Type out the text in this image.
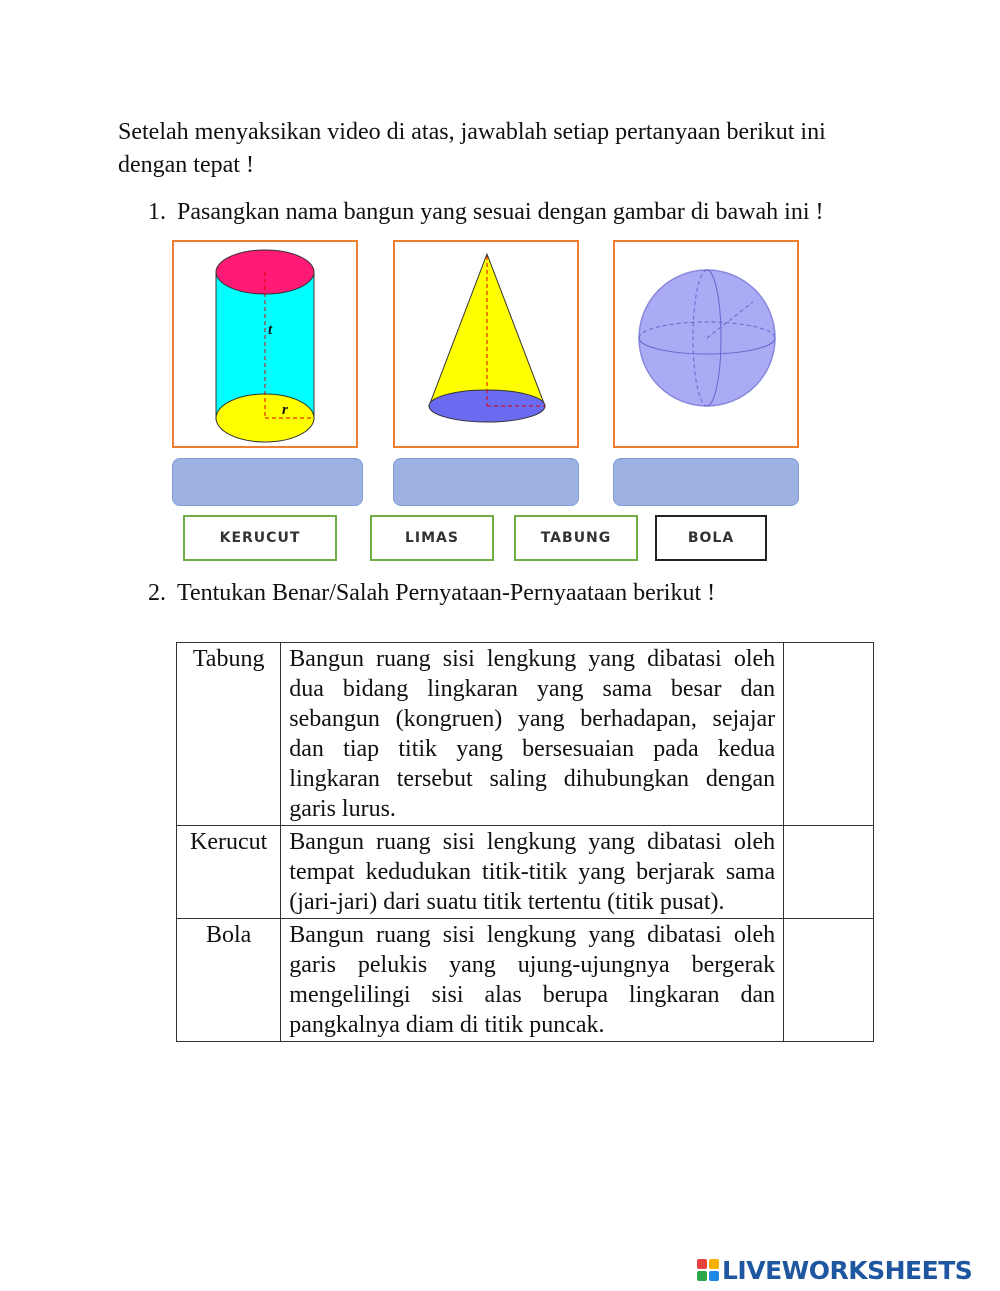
Setelah menyaksikan video di atas, jawablah setiap pertanyaan berikut ini dengan tepat !

1. Pasangkan nama bangun yang sesuai dengan gambar di bawah ini !
t
r
KERUCUT	LIMAS	TABUNG	BOLA
2. Tentukan Benar/Salah Pernyataan-Pernyaataan berikut !
Tabung	Bangun ruang sisi lengkung yang dibatasi oleh dua bidang lingkaran yang sama besar dan sebangun (kongruen) yang berhadapan, sejajar dan tiap titik yang bersesuaian pada kedua lingkaran tersebut saling dihubungkan dengan garis lurus.	
Kerucut	Bangun ruang sisi lengkung yang dibatasi oleh tempat kedudukan titik-titik yang berjarak sama (jari-jari) dari suatu titik tertentu (titik pusat).	
Bola	Bangun ruang sisi lengkung yang dibatasi oleh garis pelukis yang ujung-ujungnya bergerak mengelilingi sisi alas berupa lingkaran dan pangkalnya diam di titik puncak.	
LIVEWORKSHEETS
